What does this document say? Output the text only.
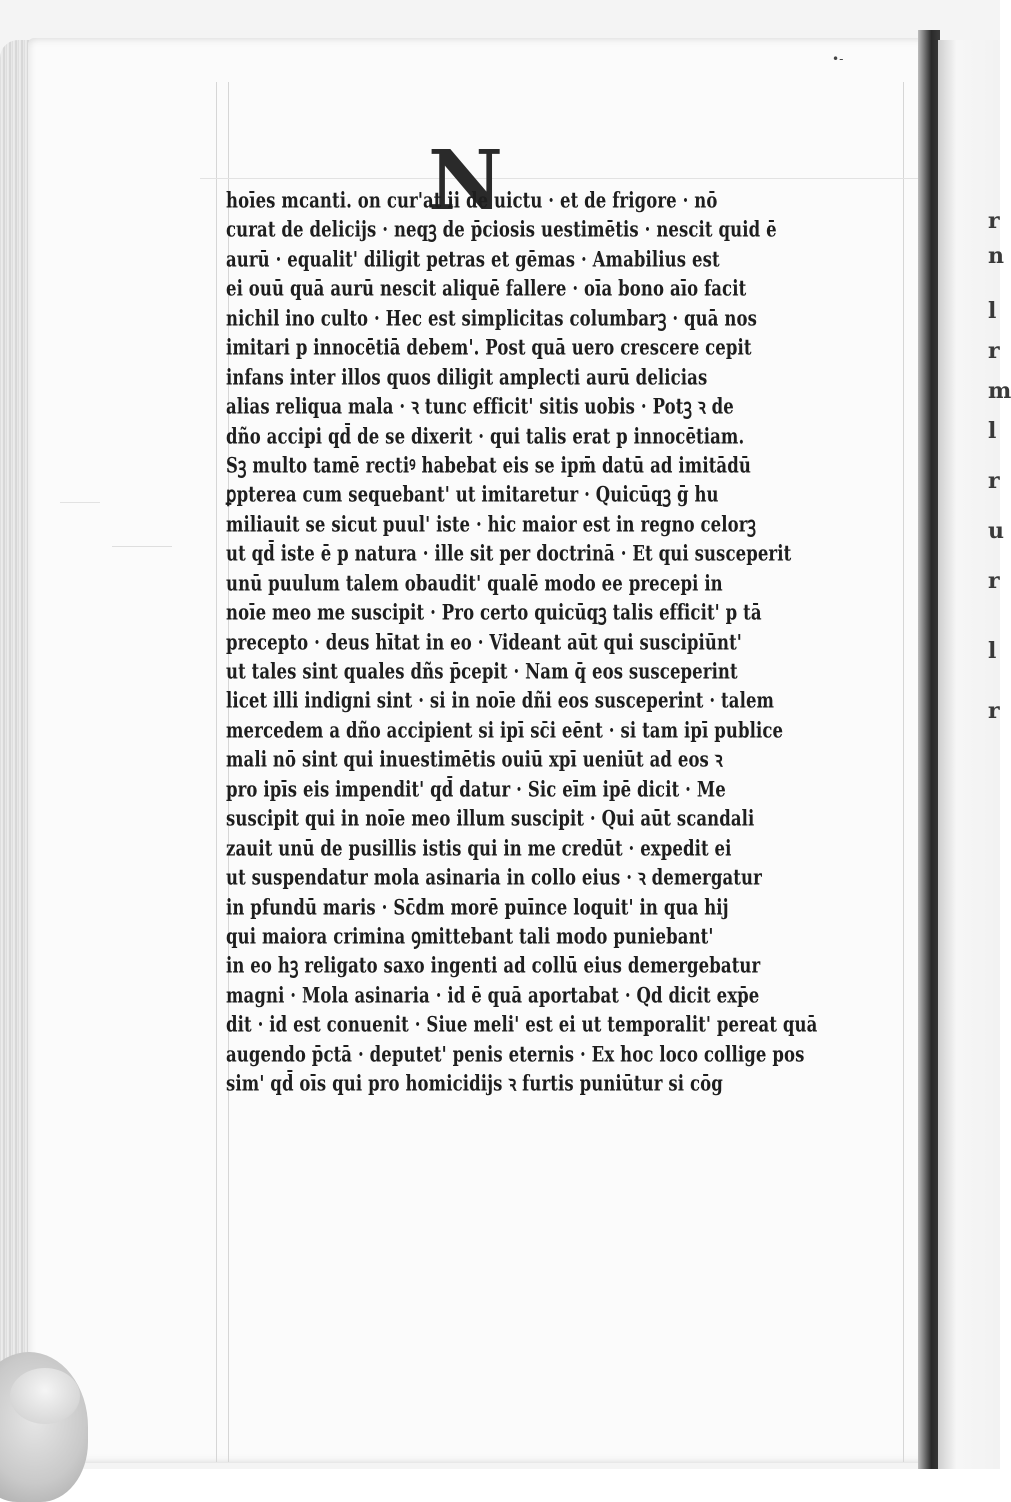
•-
N
hoīes mcanti. on cur'at ii de uictu · et de frigore · nō
curat de delicijs · neqꝫ de p̄ciosis uestimētis · nescit quid ē
aurū · equalit' diligit petras et gēmas · Amabilius est
ei ouū quā aurū nescit aliquē fallere · oīa bono aīo facit
nichil ino culto · Hec est simplicitas columbarꝫ · quā nos
imitari p innocētiā debem'. Post quā uero crescere cepit
infans inter illos quos diligit amplecti aurū delicias
alias reliqua mala · ꝛ tunc efficit' sitis uobis · Potꝫ ꝛ de
dño accipi qd̄ de se dixerit · qui talis erat p innocētiam.
Sꝫ multo tamē rectiꝰ habebat eis se ipm̄ datū ad imitādū
ꝑpterea cum sequebant' ut imitaretur · Quicūqꝫ ḡ hu
miliauit se sicut puul' iste · hic maior est in regno celorꝫ
ut qd̄ iste ē p natura · ille sit per doctrinā · Et qui susceperit
unū puulum talem obaudit' qualē modo ee precepi in
noīe meo me suscipit · Pro certo quicūqꝫ talis efficit' p tā
precepto · deus hītat in eo · Videant aūt qui suscipiūnt'
ut tales sint quales dñs p̄cepit · Nam q̄ eos susceperint
licet illi indigni sint · si in noīe dñi eos susceperint · talem
mercedem a dño accipient si ipī sc̄i eēnt · si tam ipī publice
mali nō sint qui inuestimētis ouiū xpī ueniūt ad eos ꝛ
pro ipīs eis impendit' qd̄ datur · Sic eīm ipē dicit · Me
suscipit qui in noīe meo illum suscipit · Qui aūt scandali
zauit unū de pusillis istis qui in me credūt · expedit ei
ut suspendatur mola asinaria in collo eius · ꝛ demergatur
in pfundū maris · Sc̄dm morē puīnce loquit' in qua hij
qui maiora crimina ꝯmittebant tali modo puniebant'
in eo hꝫ religato saxo ingenti ad collū eius demergebatur
magni · Mola asinaria · id ē quā aportabat · Qd dicit exp̄e
dit · id est conuenit · Siue meli' est ei ut temporalit' pereat quā
augendo p̄ctā · deputet' penis eternis · Ex hoc loco collige pos
sim' qd̄ oīs qui pro homicidijs ꝛ furtis puniūtur si cōg
r
n
l
r
m
l
r
u
r
l
r
